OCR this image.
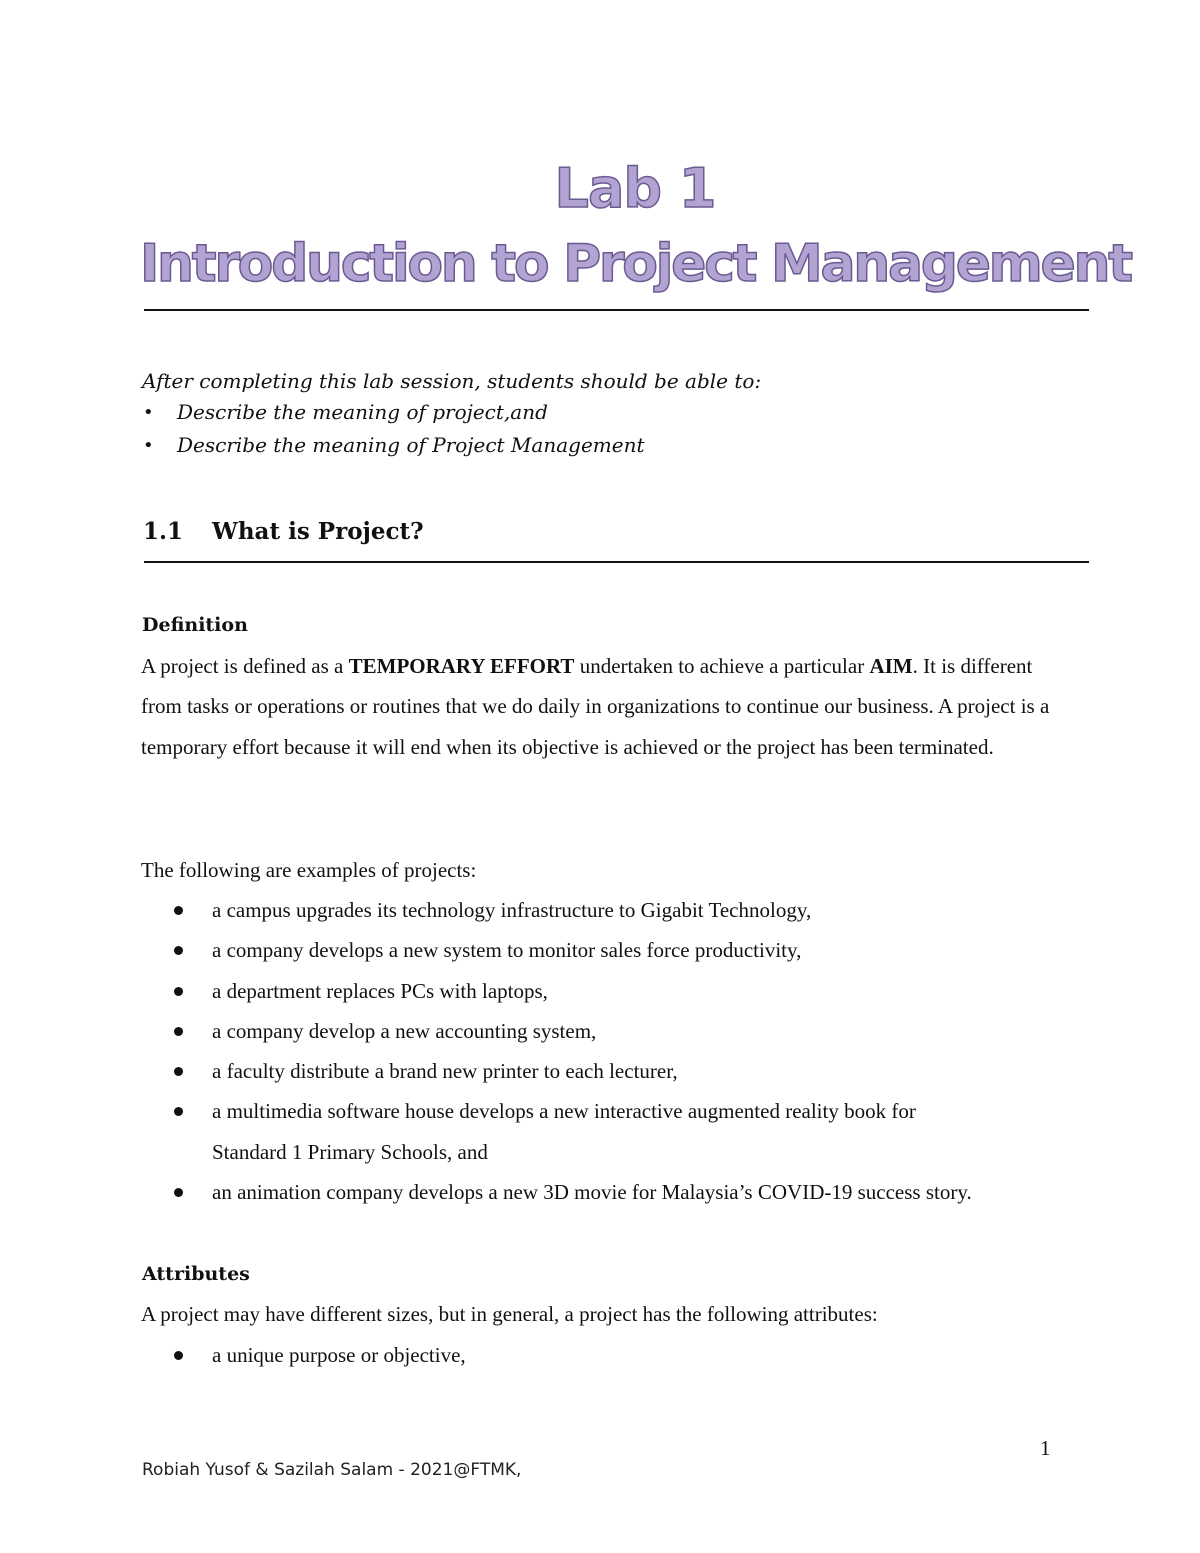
Lab 1
Introduction to Project Management

After completing this lab session, students should be able to:

• Describe the meaning of project,and
• Describe the meaning of Project Management
1.1 What is Project?
Definition

A project is defined as a TEMPORARY EFFORT undertaken to achieve a particular AIM. It is different from tasks or operations or routines that we do daily in organizations to continue our business. A project is a temporary effort because it will end when its objective is achieved or the project has been terminated.

The following are examples of projects:

a campus upgrades its technology infrastructure to Gigabit Technology,
a company develops a new system to monitor sales force productivity,
a department replaces PCs with laptops,
a company develop a new accounting system,
a faculty distribute a brand new printer to each lecturer,
a multimedia software house develops a new interactive augmented reality book for
Standard 1 Primary Schools, and
an animation company develops a new 3D movie for Malaysia’s COVID-19 success story.
Attributes

A project may have different sizes, but in general, a project has the following attributes:

a unique purpose or objective,
1
Robiah Yusof & Sazilah Salam - 2021@FTMK,
